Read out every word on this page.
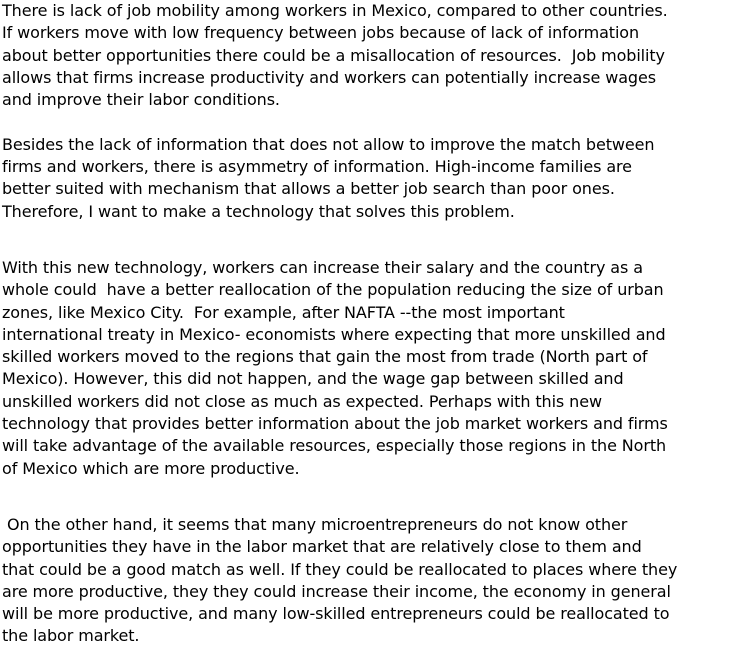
There is lack of job mobility among workers in Mexico, compared to other countries.
If workers move with low frequency between jobs because of lack of information
about better opportunities there could be a misallocation of resources.  Job mobility
allows that firms increase productivity and workers can potentially increase wages
and improve their labor conditions.
Besides the lack of information that does not allow to improve the match between
firms and workers, there is asymmetry of information. High-income families are
better suited with mechanism that allows a better job search than poor ones.
Therefore, I want to make a technology that solves this problem.
With this new technology, workers can increase their salary and the country as a
whole could  have a better reallocation of the population reducing the size of urban
zones, like Mexico City.  For example, after NAFTA --the most important
international treaty in Mexico- economists where expecting that more unskilled and
skilled workers moved to the regions that gain the most from trade (North part of
Mexico). However, this did not happen, and the wage gap between skilled and
unskilled workers did not close as much as expected. Perhaps with this new
technology that provides better information about the job market workers and firms
will take advantage of the available resources, especially those regions in the North
of Mexico which are more productive.
On the other hand, it seems that many microentrepreneurs do not know other
opportunities they have in the labor market that are relatively close to them and
that could be a good match as well. If they could be reallocated to places where they
are more productive, they they could increase their income, the economy in general
will be more productive, and many low-skilled entrepreneurs could be reallocated to
the labor market.
